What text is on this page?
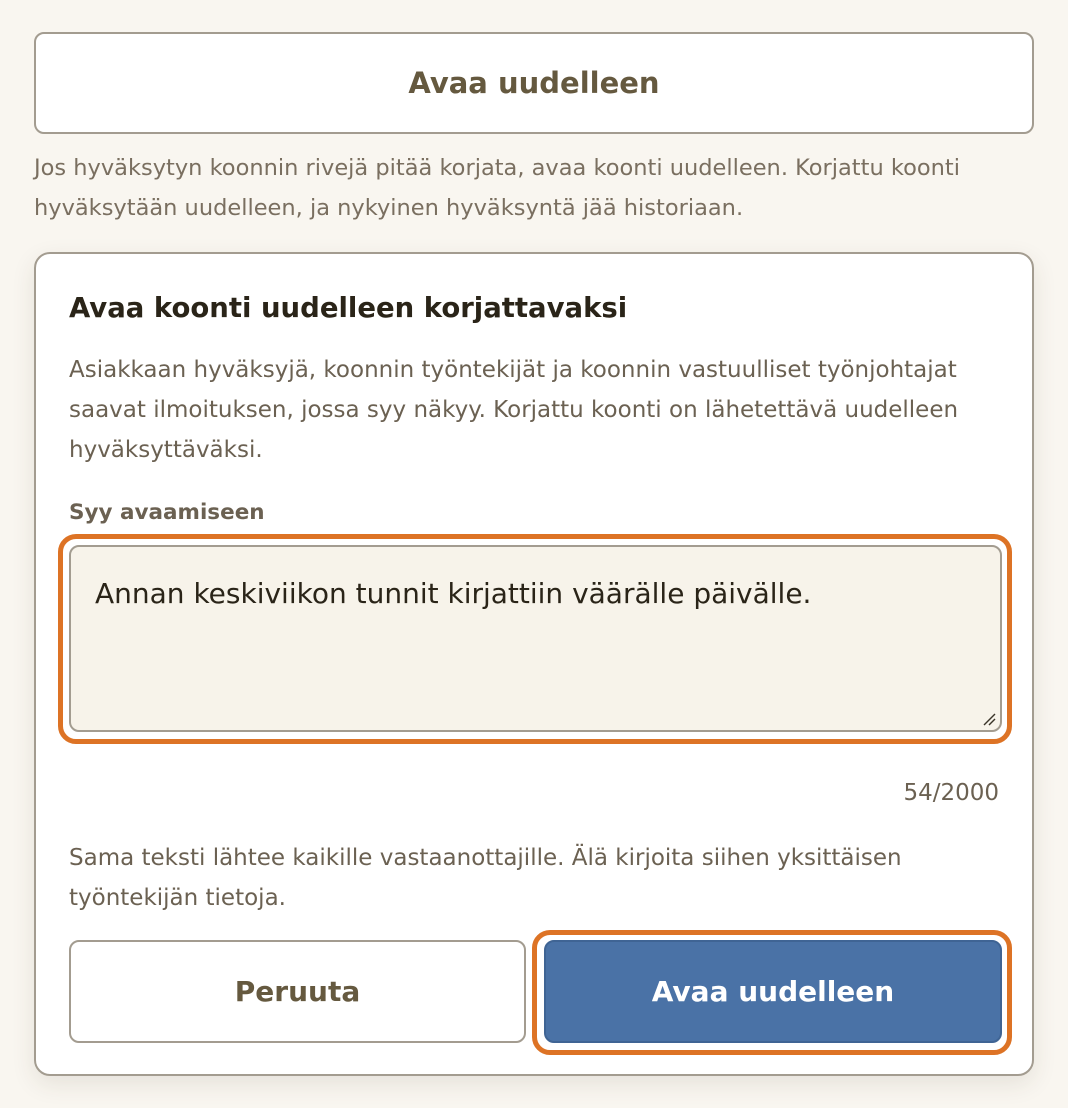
Avaa uudelleen

Jos hyväksytyn koonnin rivejä pitää korjata, avaa koonti uudelleen. Korjattu koonti hyväksytään uudelleen, ja nykyinen hyväksyntä jää historiaan.

Avaa koonti uudelleen korjattavaksi

Asiakkaan hyväksyjä, koonnin työntekijät ja koonnin vastuulliset työnjohtajat saavat ilmoituksen, jossa syy näkyy. Korjattu koonti on lähetettävä uudelleen hyväksyttäväksi.

Syy avaamiseen
Annan keskiviikon tunnit kirjattiin väärälle päivälle.
54/2000

Sama teksti lähtee kaikille vastaanottajille. Älä kirjoita siihen yksittäisen työntekijän tietoja.

Peruuta	Avaa uudelleen
